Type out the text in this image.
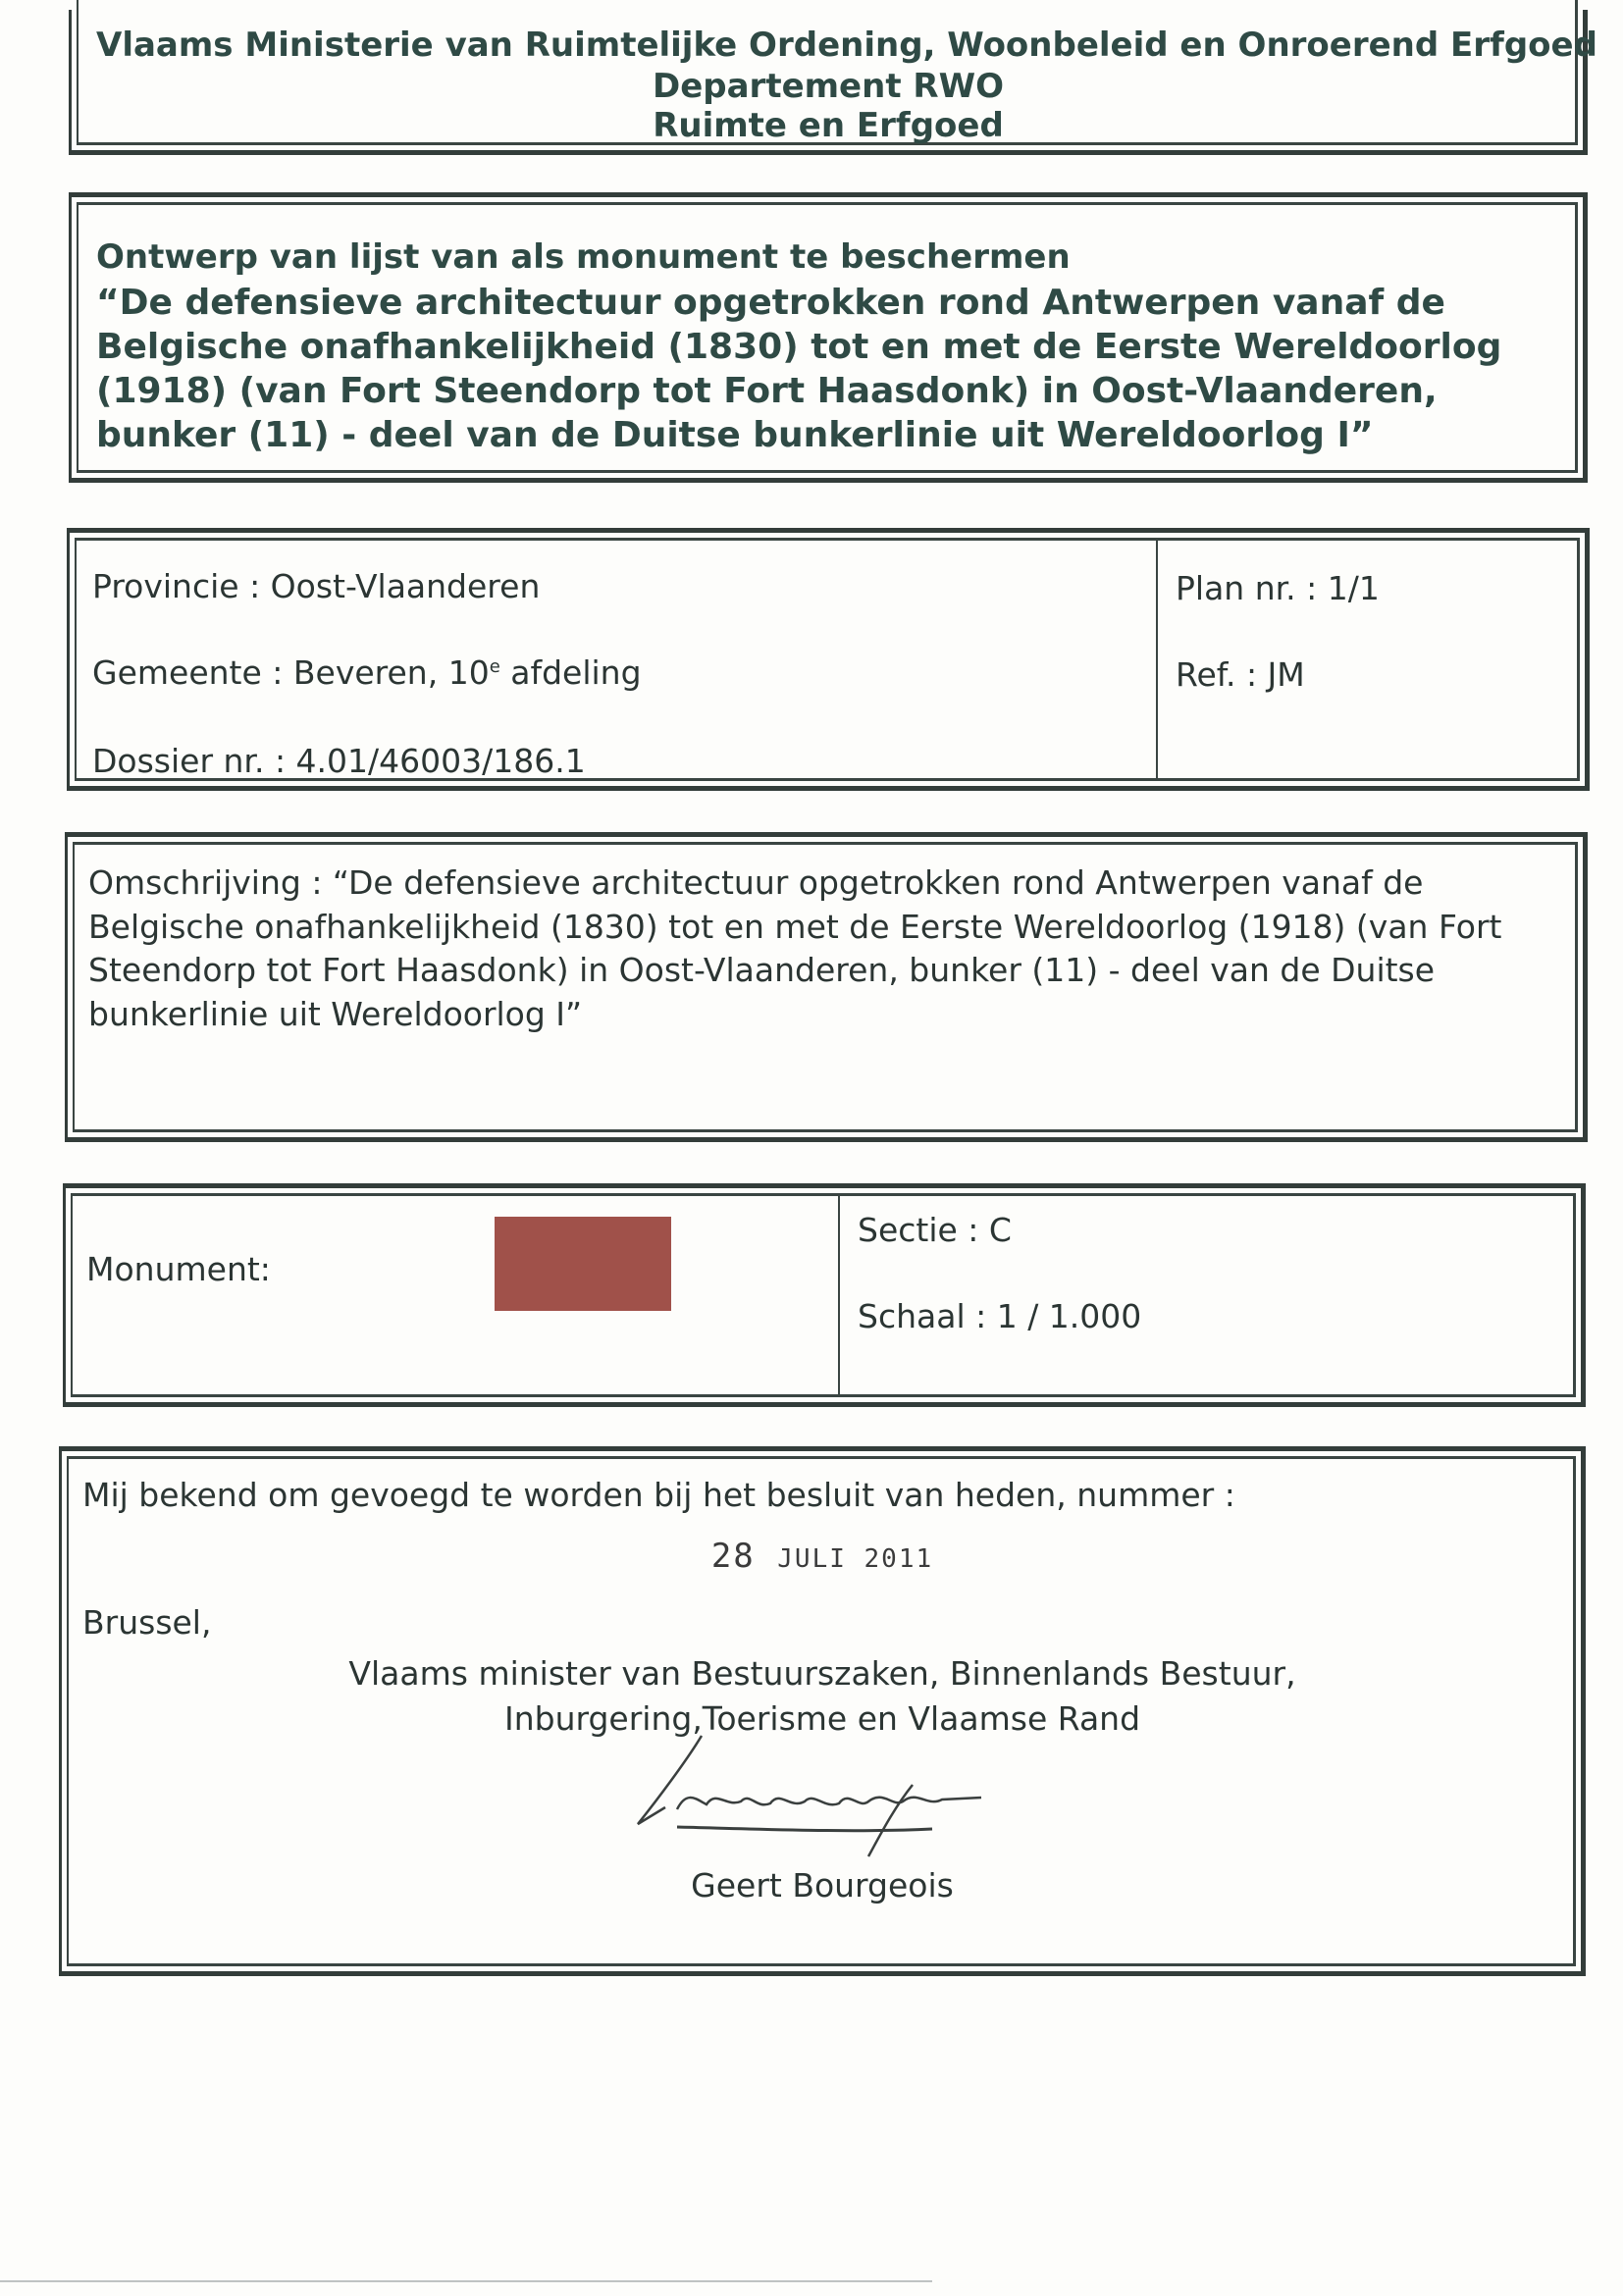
Vlaams Ministerie van Ruimtelijke Ordening, Woonbeleid en Onroerend Erfgoed
Departement RWO
Ruimte en Erfgoed
Ontwerp van lijst van als monument te beschermen
“De defensieve architectuur opgetrokken rond Antwerpen vanaf de Belgische onafhankelijkheid (1830) tot en met de Eerste Wereldoorlog (1918) (van Fort Steendorp tot Fort Haasdonk) in Oost-Vlaanderen, bunker (11) - deel van de Duitse bunkerlinie uit Wereldoorlog I”
Provincie : Oost-Vlaanderen
Gemeente : Beveren, 10e afdeling
Dossier nr. : 4.01/46003/186.1
Plan nr. : 1/1
Ref. : JM
Omschrijving : “De defensieve architectuur opgetrokken rond Antwerpen vanaf de Belgische onafhankelijkheid (1830) tot en met de Eerste Wereldoorlog (1918) (van Fort Steendorp tot Fort Haasdonk) in Oost-Vlaanderen, bunker (11) - deel van de Duitse bunkerlinie uit Wereldoorlog I”
Monument:
Sectie : C
Schaal : 1 / 1.000
Mij bekend om gevoegd te worden bij het besluit van heden, nummer :
28 JULI 2011
Brussel,
Vlaams minister van Bestuurszaken, Binnenlands Bestuur,
Inburgering,Toerisme en Vlaamse Rand
Geert Bourgeois
